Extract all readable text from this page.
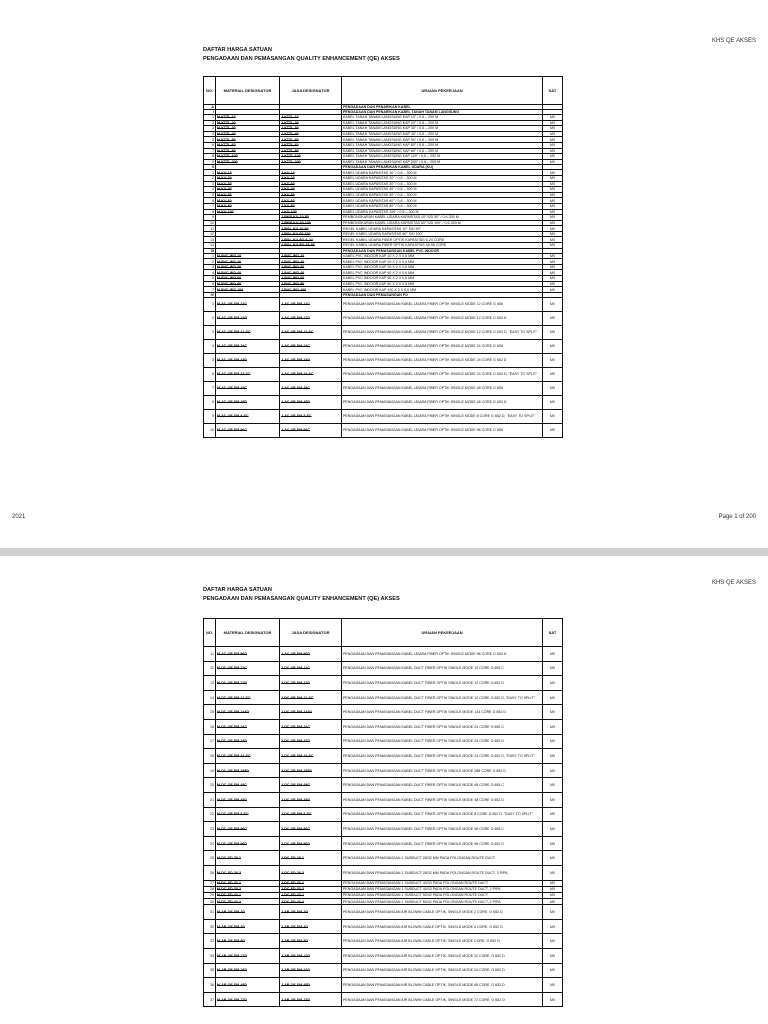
KHS QE AKSES
DAFTAR HARGA SATUAN
PENGADAAN DAN PEMASANGAN QUALITY ENHANCEMENT (QE) AKSES
NO.	MATERIAL DESIGNATOR	JASA DESIGNATOR	URAIAN PEKERJAAN	SAT
A			PENGADAAN DAN PENARIKAN KABEL	
I			PENGADAAN DAN PENARIKAN KABEL TANAH TANAM LANGSUNG	
1	M-KTTL-10	J-KTTL-10	KABEL TANAH TANAM LANGSUNG KAP 10" / 0,6 – 200 M	M/I
2	M-KTTL-20	J-KTTL-20	KABEL TANAH TANAM LANGSUNG KAP 20" / 0,6 – 200 M	M/I
3	M-KTTL-30	J-KTTL-30	KABEL TANAH TANAM LANGSUNG KAP 30" / 0,6 – 200 M	M/I
4	M-KTTL-40	J-KTTL-40	KABEL TANAH TANAM LANGSUNG KAP 40" / 0,6 – 200 M	M/I
5	M-KTTL-50	J-KTTL-50	KABEL TANAH TANAM LANGSUNG KAP 50" / 0,6 – 200 M	M/I
6	M-KTTL-60	J-KTTL-60	KABEL TANAH TANAM LANGSUNG KAP 60" / 0,6 – 200 M	M/I
7	M-KTTL-80	J-KTTL-80	KABEL TANAH TANAM LANGSUNG KAP 80" / 0,6 – 200 M	M/I
8	M-KTTL-100	J-KTTL-100	KABEL TANAH TANAM LANGSUNG KAP 100" / 0,6 – 200 M	M/I
9	M-KTTL-200	J-KTTL-200	KABEL TANAH TANAM LANGSUNG KAP 200" / 0,6 – 200 M	M/I
II			PENGADAAN DAN PENARIKAN KABEL UDARA (KU)	
1	M-KU-10	J-KU-10	KABEL UDARA KAPASITAS 10" / 0,6 – 300 M	M/I
2	M-KU-20	J-KU-20	KABEL UDARA KAPASITAS 20" / 0,6 – 300 M	M/I
3	M-KU-30	J-KU-30	KABEL UDARA KAPASITAS 30" / 0,6 – 300 M	M/I
4	M-KU-40	J-KU-40	KABEL UDARA KAPASITAS 40" / 0,6 – 300 M	M/I
5	M-KU-50	J-KU-50	KABEL UDARA KAPASITAS 50" / 0,6 – 300 M	M/I
6	M-KU-60	J-KU-60	KABEL UDARA KAPASITAS 60" / 0,6 – 300 M	M/I
7	M-KU-80	J-KU-80	KABEL UDARA KAPASITAS 80" / 0,6 – 300 M	M/I
8	M-KU-100	J-KU-100	KABEL UDARA KAPASITAS 100" / 0,6 – 300 M	M/I
9		J-BKR-KU-10-50	PEMBONGKARAN KABEL UDARA KAPASITAS 10" S/D 50" / 0,6-300 M	M/I
10		J-BKR-KU-60-100	PEMBONGKARAN KABEL UDARA KAPASITAS 60" S/D 100" / 0,6-300 M	M/I
11		J-RGL-KU-10-50	REGEL KABEL UDARA KAPASITAS 10" S/D 50"	M/I
12		J-RGL-KU-60-100	REGEL KABEL UDARA KAPASITAS 60" S/D 100"	M/I
13		J-RGL-KU-FO-6-24	REGEL KABEL UDARA FIBER OPTIK KAPASITAS 6-24 CORE	M/I
14		J-RGL-KU-FO-48-96	REGEL KABEL UDARA FIBER OPTIK KAPASITAS 48-96 CORE	M/I
III			PENGADAAN DAN PEMASANGAN KABEL PVC INDOOR	
1	M-PVC-IND-10	J-PVC-IND-10	KABEL PVC INDOOR KAP 10 X 2 X 0,6 MM	M/I
2	M-PVC-IND-20	J-PVC-IND-20	KABEL PVC INDOOR KAP 20 X 2 X 0,6 MM	M/I
3	M-PVC-IND-30	J-PVC-IND-30	KABEL PVC INDOOR KAP 30 X 2 X 0,6 MM	M/I
4	M-PVC-IND-40	J-PVC-IND-40	KABEL PVC INDOOR KAP 40 X 2 X 0,6 MM	M/I
5	M-PVC-IND-60	J-PVC-IND-60	KABEL PVC INDOOR KAP 60 X 2 X 0,6 MM	M/I
6	M-PVC-IND-80	J-PVC-IND-80	KABEL PVC INDOOR KAP 80 X 2 X 0,6 MM	M/I
7	M-PVC-IND-100	J-PVC-IND-100	KABEL PVC INDOOR KAP 100 X 2 X 0,6 MM	M/I
IV			PENGADAAN DAN PEMASANGAN FO	
1	M-AC-OF-SM-12C	J-AC-OF-SM-12C	PENGADAAN DAN PEMASANGAN KABEL UDARA FIBER OPTIK SINGLE MODE 12 CORE G 655	M/I
2	M-AC-OF-SM-12D	J-AC-OF-SM-12D	PENGADAAN DAN PEMASANGAN KABEL UDARA FIBER OPTIK SINGLE MODE 12 CORE G 652 D	M/I
3	M-AC-OF-SM-12-SC	J-AC-OF-SM-12-SC	PENGADAAN DAN PEMASANGAN KABEL UDARA FIBER OPTIK SINGLE MODE 12 CORE G 652 D, "EASY TO SPLIT"	M/I
4	M-AC-OF-SM-24C	J-AC-OF-SM-24C	PENGADAAN DAN PEMASANGAN KABEL UDARA FIBER OPTIK SINGLE MODE 24 CORE G 655	M/I
5	M-AC-OF-SM-24D	J-AC-OF-SM-24D	PENGADAAN DAN PEMASANGAN KABEL UDARA FIBER OPTIK SINGLE MODE 24 CORE G 652 D	M/I
6	M-AC-OF-SM-24-SC	J-AC-OF-SM-24-SC	PENGADAAN DAN PEMASANGAN KABEL UDARA FIBER OPTIK SINGLE MODE 24 CORE G 652 D, "EASY TO SPLIT"	M/I
7	M-AC-OF-SM-48C	J-AC-OF-SM-48C	PENGADAAN DAN PEMASANGAN KABEL UDARA FIBER OPTIK SINGLE MODE 48 CORE G 655	M/I
8	M-AC-OF-SM-48D	J-AC-OF-SM-48D	PENGADAAN DAN PEMASANGAN KABEL UDARA FIBER OPTIK SINGLE MODE 48 CORE G 652 D	M/I
9	M-AC-OF-SM-8-SC	J-AC-OF-SM-8-SC	PENGADAAN DAN PEMASANGAN KABEL UDARA FIBER OPTIK SINGLE MODE 8 CORE G 652 D, "EASY TO SPLIT"	M/I
10	M-AC-OF-SM-96C	J-AC-OF-SM-96C	PENGADAAN DAN PEMASANGAN KABEL UDARA FIBER OPTIK SINGLE MODE 96 CORE G 655	M/I
2021	Page 1 of 200
KHS QE AKSES
DAFTAR HARGA SATUAN
PENGADAAN DAN PEMASANGAN QUALITY ENHANCEMENT (QE) AKSES
NO.	MATERIAL DESIGNATOR	JASA DESIGNATOR	URAIAN PEKERJAAN	SAT
11	M-AC-OF-SM-96D	J-AC-OF-SM-96D	PENGADAAN DAN PEMASANGAN KABEL UDARA FIBER OPTIK SINGLE MODE 96 CORE G 652 D	M/I
12	M-DC-OF-SM-12C	J-DC-OF-SM-12C	PENGADAAN DAN PEMASANGAN KABEL DUCT FIBER OPTIK SINGLE MODE 12 CORE G 655 C	M/I
13	M-DC-OF-SM-12D	J-DC-OF-SM-12D	PENGADAAN DAN PEMASANGAN KABEL DUCT FIBER OPTIK SINGLE MODE 12 CORE G 652 D	M/I
14	M-DC-OF-SM-12-SC	J-DC-OF-SM-12-SC	PENGADAAN DAN PEMASANGAN KABEL DUCT FIBER OPTIK SINGLE MODE 12 CORE G 652 D, "EASY TO SPLIT"	M/I
15	M-DC-OF-SM-144D	J-DC-OF-SM-144D	PENGADAAN DAN PEMASANGAN KABEL DUCT FIBER OPTIK SINGLE MODE 144 CORE G 652 D	M/I
16	M-DC-OF-SM-24C	J-DC-OF-SM-24C	PENGADAAN DAN PEMASANGAN KABEL DUCT FIBER OPTIK SINGLE MODE 24 CORE G 655 C	M/I
17	M-DC-OF-SM-24D	J-DC-OF-SM-24D	PENGADAAN DAN PEMASANGAN KABEL DUCT FIBER OPTIK SINGLE MODE 24 CORE G 652 D	M/I
18	M-DC-OF-SM-24-SC	J-DC-OF-SM-24-SC	PENGADAAN DAN PEMASANGAN KABEL DUCT FIBER OPTIK SINGLE MODE 24 CORE G 652 D, "EASY TO SPLIT"	M/I
19	M-DC-OF-SM-288D	J-DC-OF-SM-288D	PENGADAAN DAN PEMASANGAN KABEL DUCT FIBER OPTIK SINGLE MODE 288 CORE G 652 D	M/I
20	M-DC-OF-SM-48C	J-DC-OF-SM-48C	PENGADAAN DAN PEMASANGAN KABEL DUCT FIBER OPTIK SINGLE MODE 48 CORE G 655 C	M/I
21	M-DC-OF-SM-48D	J-DC-OF-SM-48D	PENGADAAN DAN PEMASANGAN KABEL DUCT FIBER OPTIK SINGLE MODE 48 CORE G 652 D	M/I
22	M-DC-OF-SM-8-SC	J-DC-OF-SM-8-SC	PENGADAAN DAN PEMASANGAN KABEL DUCT FIBER OPTIK SINGLE MODE 8 CORE G 652 D, "EASY TO SPLIT"	M/I
23	M-DC-OF-SM-96C	J-DC-OF-SM-96C	PENGADAAN DAN PEMASANGAN KABEL DUCT FIBER OPTIK SINGLE MODE 96 CORE G 655 C	M/I
24	M-DC-OF-SM-96D	J-DC-OF-SM-96D	PENGADAAN DAN PEMASANGAN KABEL DUCT FIBER OPTIK SINGLE MODE 96 CORE G 652 D	M/I
25	M-DC-SD-28-1	J-DC-SD-28-1	PENGADAAN DAN PEMASANGAN 1 SUBDUCT 28/32 MM PADA POLONGAN ROUTE DUCT	M/I
26	M-DC-SD-28-3	J-DC-SD-28-3	PENGADAAN DAN PEMASANGAN 1 SUBDUCT 28/32 MM PADA POLONGAN ROUTE DUCT, 3 PIPA	M/I
27	M-DC-SD-33-1	J-DC-SD-33-1	PENGADAAN DAN PEMASANGAN 1 SUBDUCT 40/33 PADA POLONGAN ROUTE DUCT	M/I
28	M-DC-SD-33-2	J-DC-SD-33-2	PENGADAAN DAN PEMASANGAN 1 SUBDUCT 40/33 PADA POLONGAN ROUTE DUCT, 2 PIPA	M/I
29	M-DC-SD-43-1	J-DC-SD-43-1	PENGADAAN DAN PEMASANGAN 1 SUBDUCT 50/42 PADA POLONGAN ROUTE DUCT	M/I
30	M-DC-SD-43-2	J-DC-SD-43-2	PENGADAAN DAN PEMASANGAN 1 SUBDUCT 50/42 PADA POLONGAN ROUTE DUCT, 2 PIPA	M/I
31	M-AB-OF-SM-2D	J-AB-OF-SM-2D	PENGADAAN DAN PEMASANGAN AIR BLOWN CABLE OPTIK, SINGLE MODE 2 CORE, G 652 D	M/I
32	M-AB-OF-SM-4D	J-AB-OF-SM-4D	PENGADAAN DAN PEMASANGAN AIR BLOWN CABLE OPTIK, SINGLE MODE 4 CORE, G 652 D	M/I
33	M-AB-OF-SM-8D	J-AB-OF-SM-8D	PENGADAAN DAN PEMASANGAN AIR BLOWN CABLE OPTIK, SINGLE MODE CORE, G 652 D	M/I
34	M-AB-OF-SM-12D	J-AB-OF-SM-12D	PENGADAAN DAN PEMASANGAN AIR BLOWN CABLE OPTIK, SINGLE MODE 12 CORE, G 652 D	M/I
35	M-AB-OF-SM-24D	J-AB-OF-SM-24D	PENGADAAN DAN PEMASANGAN AIR BLOWN CABLE OPTIK, SINGLE MODE 24 CORE, G 652 D	M/I
36	M-AB-OF-SM-48D	J-AB-OF-SM-48D	PENGADAAN DAN PEMASANGAN AIR BLOWN CABLE OPTIK, SINGLE MODE 48 CORE, G 652 D	M/I
37	M-AB-OF-SM-72D	J-AB-OF-SM-72D	PENGADAAN DAN PEMASANGAN AIR BLOWN CABLE OPTIK, SINGLE MODE 72 CORE, G 652 D	M/I
